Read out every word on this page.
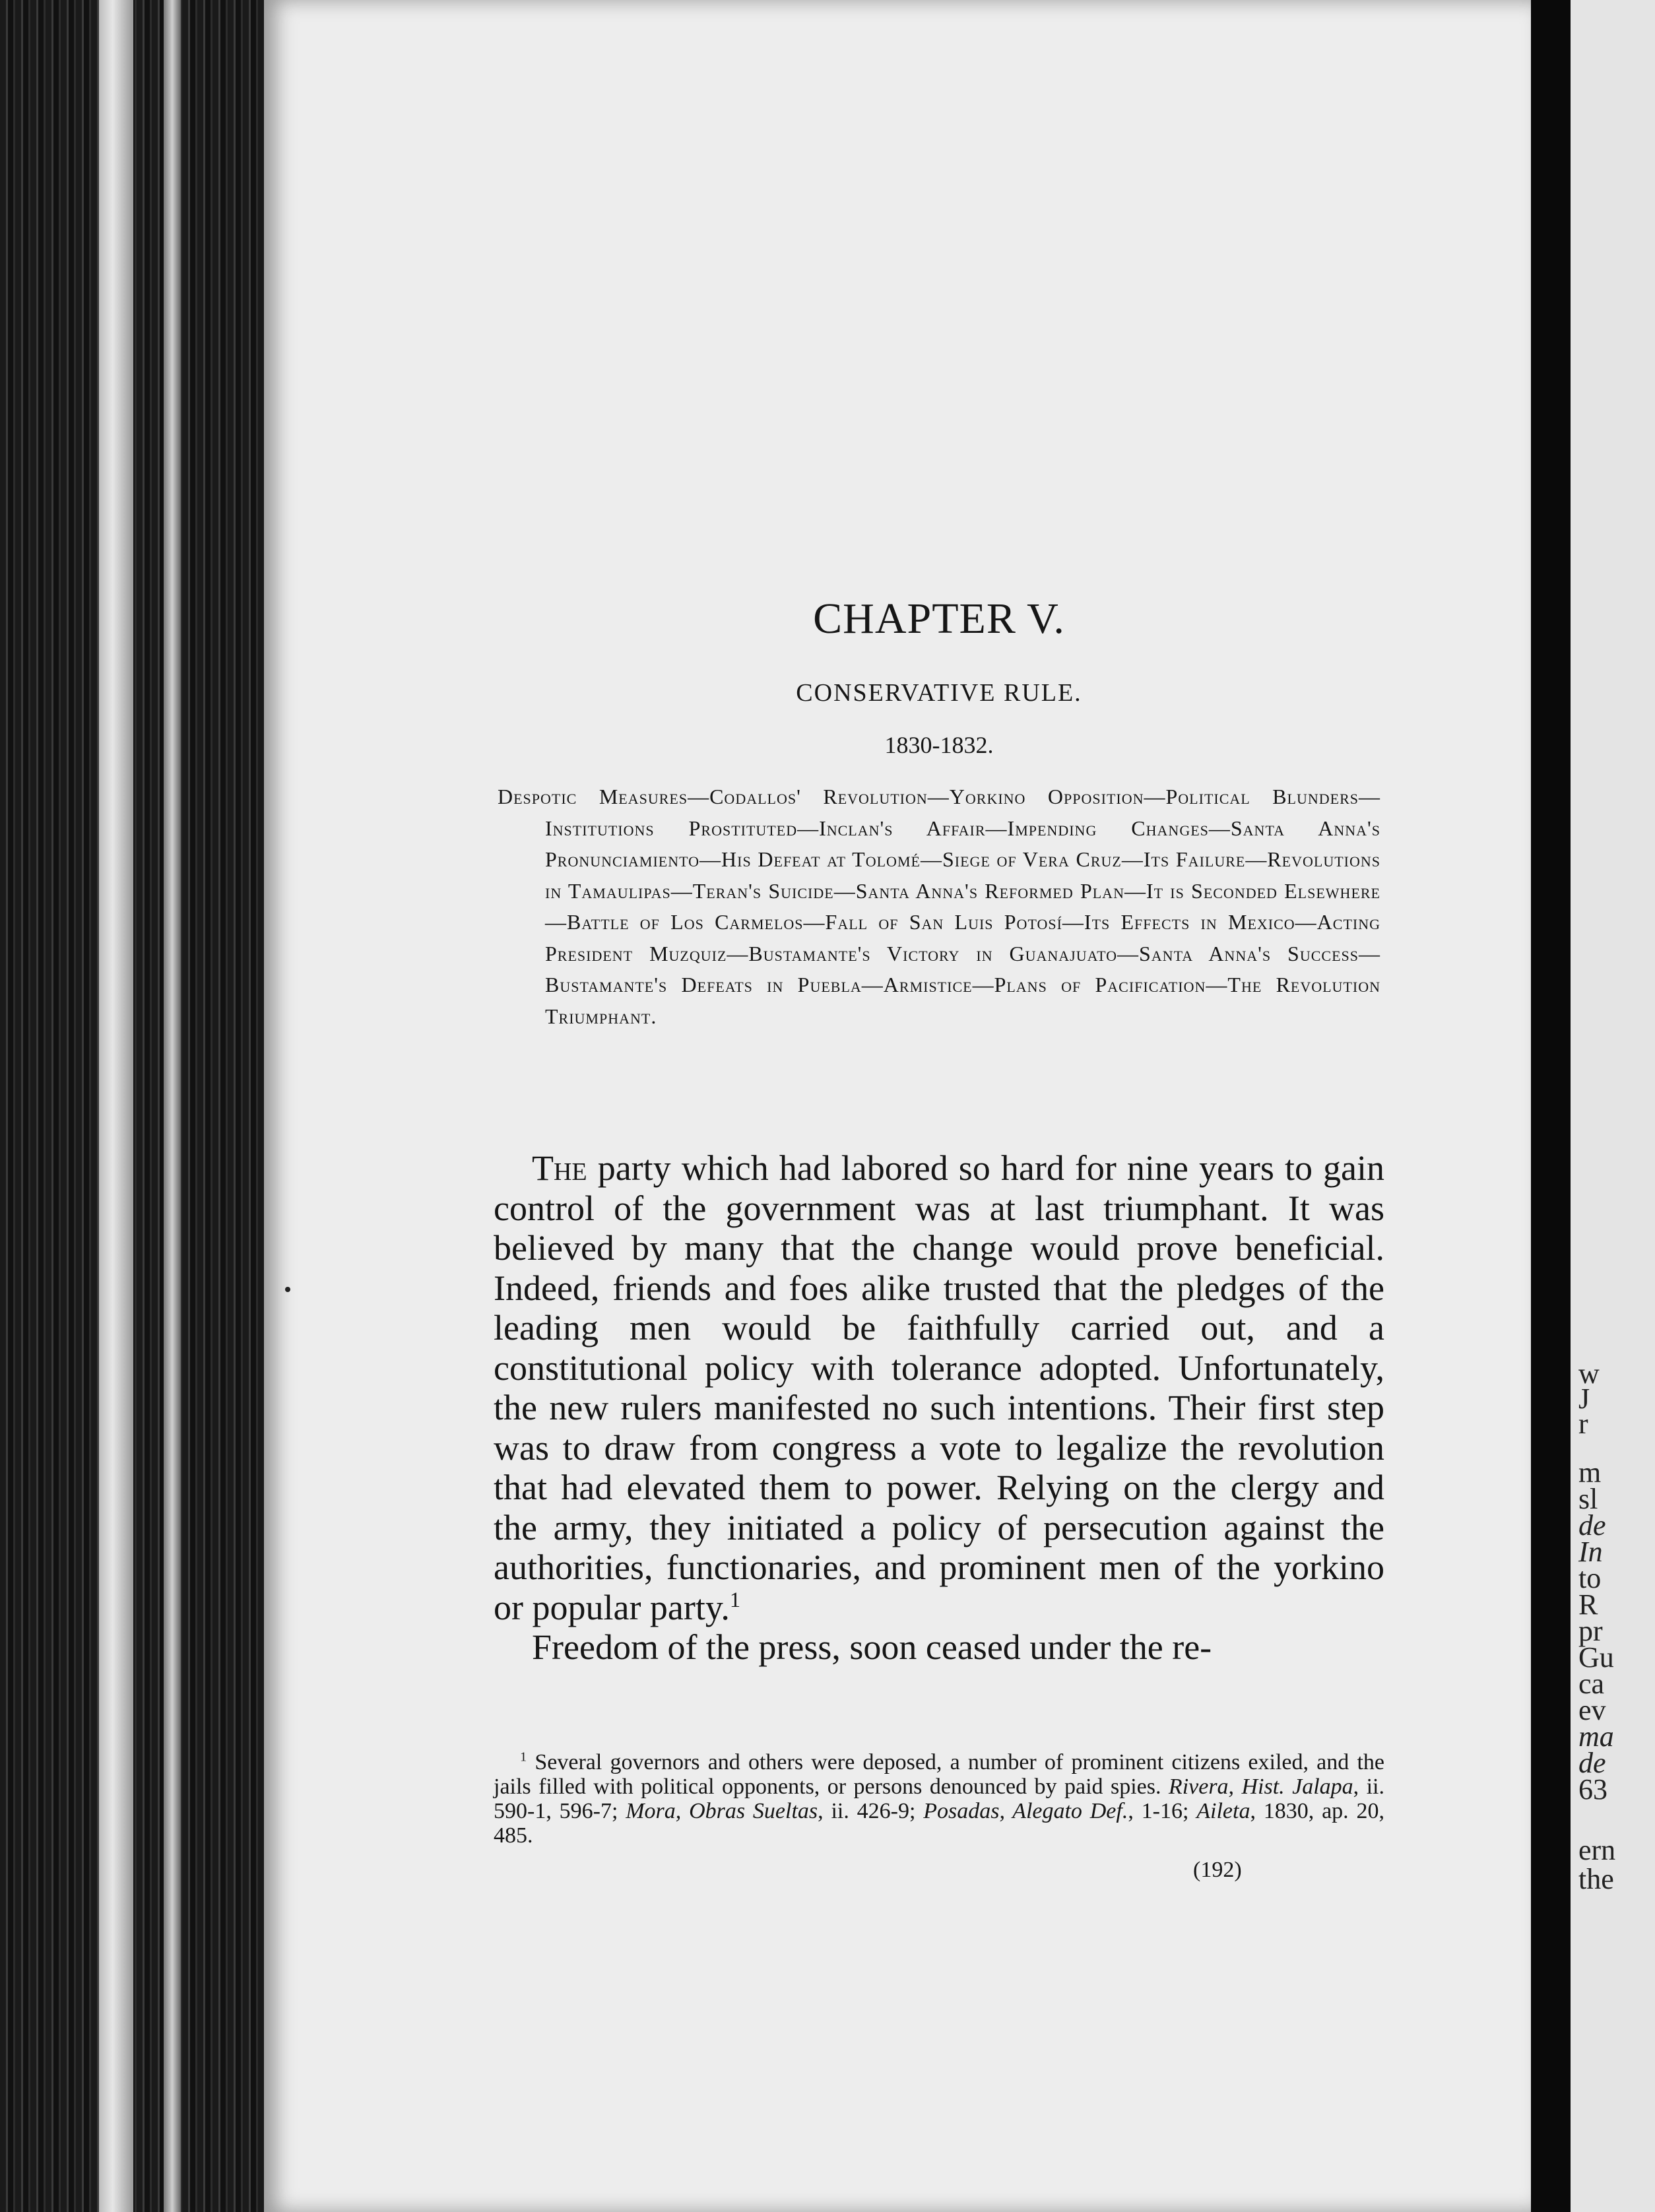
w
J
r
m
sl
de
In
to
R
pr
Gu
ca
ev
ma
de
63
ern
the
CHAPTER V.
CONSERVATIVE RULE.
1830-1832.
Despotic Measures—Codallos' Revolution—Yorkino Opposition—Political Blunders—Institutions Prostituted—Inclan's Affair—Impending Changes—Santa Anna's Pronunciamiento—His Defeat at Tolomé—Siege of Vera Cruz—Its Failure—Revolutions in Tamaulipas—Teran's Suicide—Santa Anna's Reformed Plan—It is Seconded Elsewhere—Battle of Los Carmelos—Fall of San Luis Potosí—Its Effects in Mexico—Acting President Muzquiz—Bustamante's Victory in Guanajuato—Santa Anna's Success—Bustamante's Defeats in Puebla—Armistice—Plans of Pacification—The Revolution Triumphant.

The party which had labored so hard for nine years to gain control of the government was at last triumphant. It was believed by many that the change would prove beneficial. Indeed, friends and foes alike trusted that the pledges of the leading men would be faithfully carried out, and a constitutional policy with tolerance adopted. Unfortunately, the new rulers manifested no such intentions. Their first step was to draw from congress a vote to legalize the revolution that had elevated them to power. Relying on the clergy and the army, they initiated a policy of persecution against the authorities, functionaries, and prominent men of the yorkino or popular party.$^1$

Freedom of the press, soon ceased under the re-

$^1$ Several governors and others were deposed, a number of prominent citizens exiled, and the jails filled with political opponents, or persons denounced by paid spies. Rivera, Hist. Jalapa, ii. 590-1, 596-7; Mora, Obras Sueltas, ii. 426-9; Posadas, Alegato Def., 1-16; Aileta, 1830, ap. 20, 485.

(192)
